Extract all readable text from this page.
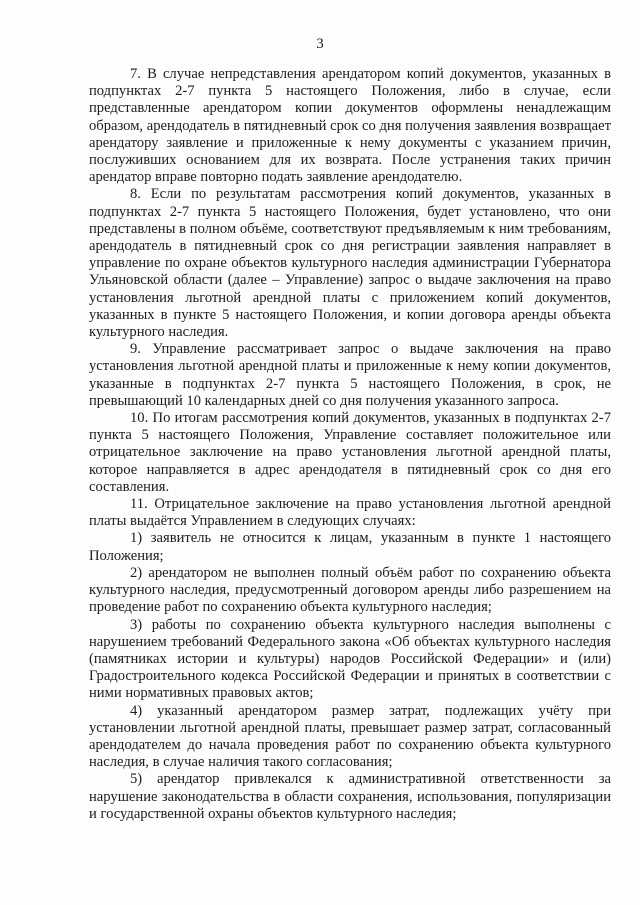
3

7. В случае непредставления арендатором копий документов, указанных в подпунктах 2-7 пункта 5 настоящего Положения, либо в случае, если представленные арендатором копии документов оформлены ненадлежащим образом, арендодатель в пятидневный срок со дня получения заявления возвращает арендатору заявление и приложенные к нему документы с указанием причин, послуживших основанием для их возврата. После устранения таких причин арендатор вправе повторно подать заявление арендодателю.

8. Если по результатам рассмотрения копий документов, указанных в подпунктах 2-7 пункта 5 настоящего Положения, будет установлено, что они представлены в полном объёме, соответствуют предъявляемым к ним требованиям, арендодатель в пятидневный срок со дня регистрации заявления направляет в управление по охране объектов культурного наследия администрации Губернатора Ульяновской области (далее – Управление) запрос о выдаче заключения на право установления льготной арендной платы с приложением копий документов, указанных в пункте 5 настоящего Положения, и копии договора аренды объекта культурного наследия.

9. Управление рассматривает запрос о выдаче заключения на право установления льготной арендной платы и приложенные к нему копии документов, указанные в подпунктах 2-7 пункта 5 настоящего Положения, в срок, не превышающий 10 календарных дней со дня получения указанного запроса.

10. По итогам рассмотрения копий документов, указанных в подпунктах 2-7 пункта 5 настоящего Положения, Управление составляет положительное или отрицательное заключение на право установления льготной арендной платы, которое направляется в адрес арендодателя в пятидневный срок со дня его составления.

11. Отрицательное заключение на право установления льготной арендной платы выдаётся Управлением в следующих случаях:

1) заявитель не относится к лицам, указанным в пункте 1 настоящего Положения;

2) арендатором не выполнен полный объём работ по сохранению объекта культурного наследия, предусмотренный договором аренды либо разрешением на проведение работ по сохранению объекта культурного наследия;

3) работы по сохранению объекта культурного наследия выполнены с нарушением требований Федерального закона «Об объектах культурного наследия (памятниках истории и культуры) народов Российской Федерации» и (или) Градостроительного кодекса Российской Федерации и принятых в соответствии с ними нормативных правовых актов;

4) указанный арендатором размер затрат, подлежащих учёту при установлении льготной арендной платы, превышает размер затрат, согласованный арендодателем до начала проведения работ по сохранению объекта культурного наследия, в случае наличия такого согласования;

5) арендатор привлекался к административной ответственности за нарушение законодательства в области сохранения, использования, популяризации и государственной охраны объектов культурного наследия;
